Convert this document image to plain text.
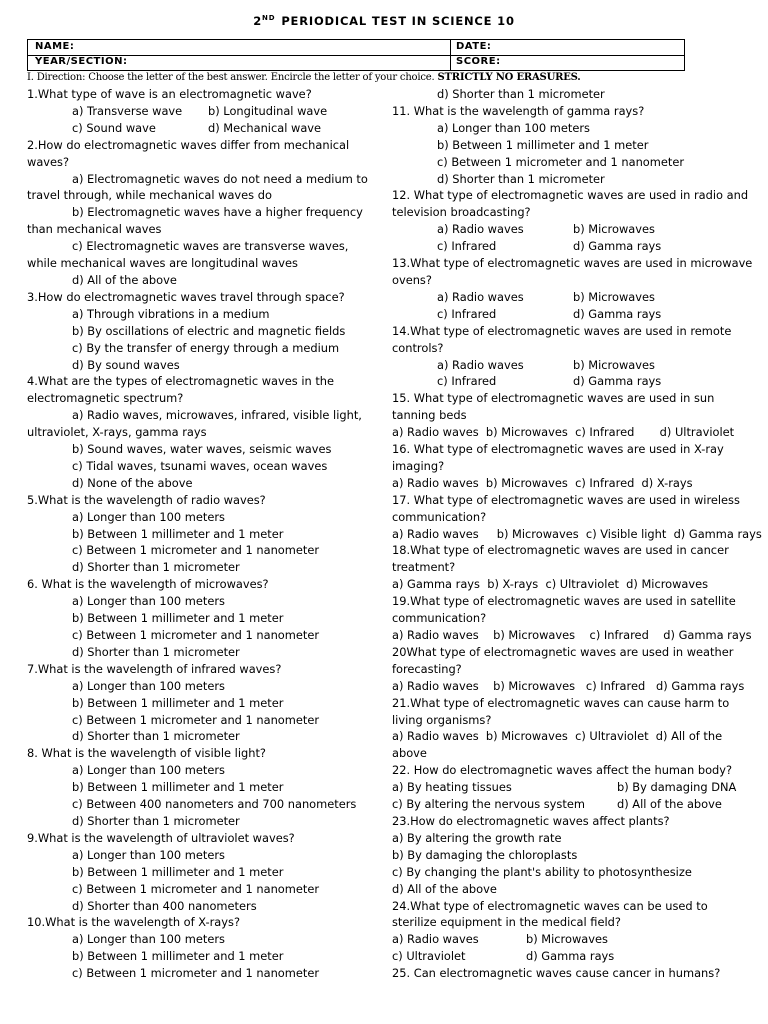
2ND PERIODICAL TEST IN SCIENCE 10
NAME:	DATE:
YEAR/SECTION:	SCORE:
I. Direction: Choose the letter of the best answer. Encircle the letter of your choice. STRICTLY NO ERASURES.

1.What type of wave is an electromagnetic wave?

a) Transverse wave	b) Longitudinal wave
c) Sound wave	d) Mechanical wave

2.How do electromagnetic waves differ from mechanical waves?

a) Electromagnetic waves do not need a medium to travel through, while mechanical waves do

b) Electromagnetic waves have a higher frequency than mechanical waves

c) Electromagnetic waves are transverse waves, while mechanical waves are longitudinal waves

d) All of the above

3.How do electromagnetic waves travel through space?

a) Through vibrations in a medium

b) By oscillations of electric and magnetic fields

c) By the transfer of energy through a medium

d) By sound waves

4.What are the types of electromagnetic waves in the electromagnetic spectrum?

a) Radio waves, microwaves, infrared, visible light, ultraviolet, X-rays, gamma rays

b) Sound waves, water waves, seismic waves

c) Tidal waves, tsunami waves, ocean waves

d) None of the above

5.What is the wavelength of radio waves?

a) Longer than 100 meters

b) Between 1 millimeter and 1 meter

c) Between 1 micrometer and 1 nanometer

d) Shorter than 1 micrometer

6. What is the wavelength of microwaves?

a) Longer than 100 meters

b) Between 1 millimeter and 1 meter

c) Between 1 micrometer and 1 nanometer

d) Shorter than 1 micrometer

7.What is the wavelength of infrared waves?

a) Longer than 100 meters

b) Between 1 millimeter and 1 meter

c) Between 1 micrometer and 1 nanometer

d) Shorter than 1 micrometer

8. What is the wavelength of visible light?

a) Longer than 100 meters

b) Between 1 millimeter and 1 meter

c) Between 400 nanometers and 700 nanometers

d) Shorter than 1 micrometer

9.What is the wavelength of ultraviolet waves?

a) Longer than 100 meters

b) Between 1 millimeter and 1 meter

c) Between 1 micrometer and 1 nanometer

d) Shorter than 400 nanometers

10.What is the wavelength of X-rays?

a) Longer than 100 meters

b) Between 1 millimeter and 1 meter

c) Between 1 micrometer and 1 nanometer

d) Shorter than 1 micrometer

11. What is the wavelength of gamma rays?

a) Longer than 100 meters

b) Between 1 millimeter and 1 meter

c) Between 1 micrometer and 1 nanometer

d) Shorter than 1 micrometer

12. What type of electromagnetic waves are used in radio and television broadcasting?

a) Radio waves	b) Microwaves
c) Infrared	d) Gamma rays

13.What type of electromagnetic waves are used in microwave ovens?

a) Radio waves	b) Microwaves
c) Infrared	d) Gamma rays

14.What type of electromagnetic waves are used in remote controls?

a) Radio waves	b) Microwaves
c) Infrared	d) Gamma rays

15. What type of electromagnetic waves are used in sun tanning beds

a) Radio waves  b) Microwaves  c) Infrared       d) Ultraviolet

16. What type of electromagnetic waves are used in X-ray imaging?

a) Radio waves  b) Microwaves  c) Infrared  d) X-rays

17. What type of electromagnetic waves are used in wireless communication?

a) Radio waves     b) Microwaves  c) Visible light  d) Gamma rays

18.What type of electromagnetic waves are used in cancer treatment?

a) Gamma rays  b) X-rays  c) Ultraviolet  d) Microwaves

19.What type of electromagnetic waves are used in satellite communication?

a) Radio waves    b) Microwaves    c) Infrared    d) Gamma rays

20What type of electromagnetic waves are used in weather forecasting?

a) Radio waves    b) Microwaves   c) Infrared   d) Gamma rays

21.What type of electromagnetic waves can cause harm to living organisms?

a) Radio waves  b) Microwaves  c) Ultraviolet  d) All of the above

22. How do electromagnetic waves affect the human body?

a) By heating tissues	b) By damaging DNA
c) By altering the nervous system	d) All of the above

23.How do electromagnetic waves affect plants?

a) By altering the growth rate

b) By damaging the chloroplasts

c) By changing the plant's ability to photosynthesize

d) All of the above

24.What type of electromagnetic waves can be used to sterilize equipment in the medical field?

a) Radio waves	b) Microwaves
c) Ultraviolet	d) Gamma rays

25. Can electromagnetic waves cause cancer in humans?
